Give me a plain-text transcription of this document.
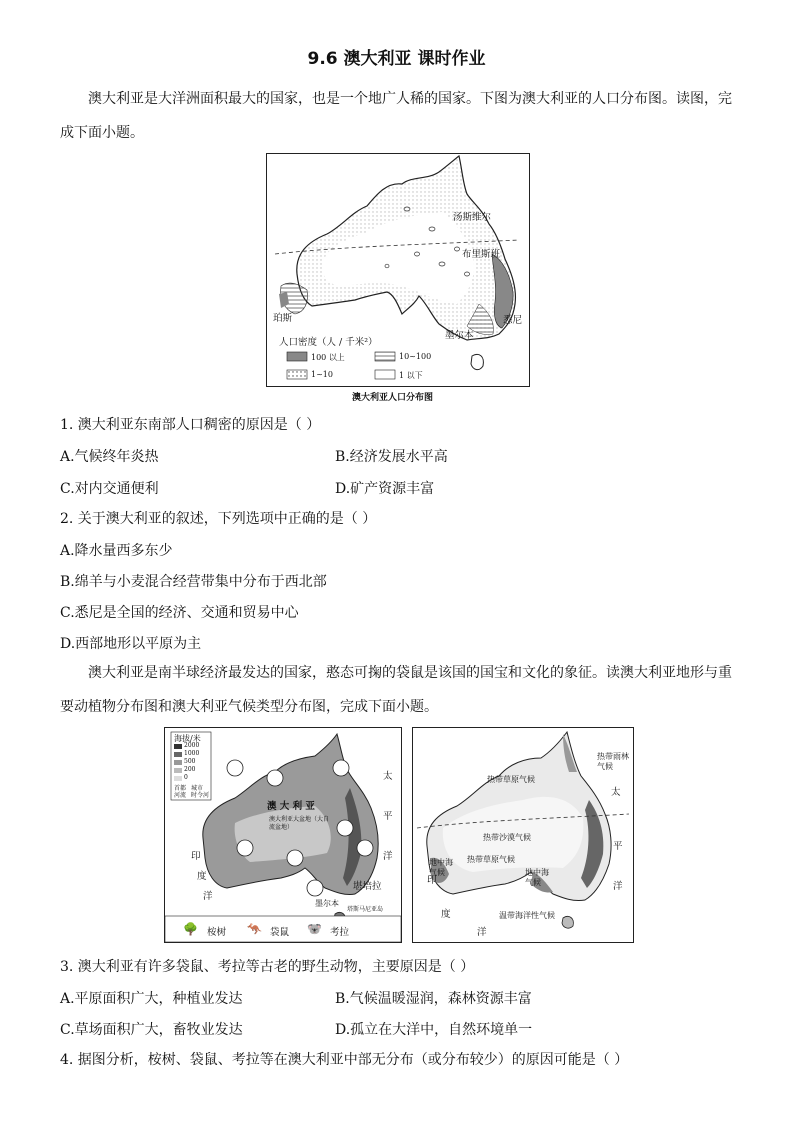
9.6 澳大利亚 课时作业

澳大利亚是大洋洲面积最大的国家，也是一个地广人稀的国家。下图为澳大利亚的人口分布图。读图，完成下面小题。

汤斯维尔
布里斯班
珀斯	悉尼
墨尔本
人口密度（人 / 千米²）
100 以上	10~100
1~10	1 以下
澳大利亚人口分布图
1. 澳大利亚东南部人口稠密的原因是（ ）
A.气候终年炎热	B.经济发展水平高
C.对内交通便利	D.矿产资源丰富
2. 关于澳大利亚的叙述，下列选项中正确的是（ ）
A.降水量西多东少
B.绵羊与小麦混合经营带集中分布于西北部
C.悉尼是全国的经济、交通和贸易中心
D.西部地形以平原为主

澳大利亚是南半球经济最发达的国家，憨态可掬的袋鼠是该国的国宝和文化的象征。读澳大利亚地形与重要动植物分布图和澳大利亚气候类型分布图，完成下面小题。

海拔/米
2000
1000
500
200
0
首都 城市
河流 时令河
澳 大 利 亚
澳大利亚大盆地（大自流盆地）
堪培拉
墨尔本
塔斯马尼亚岛
印
度
洋
太
平
洋
桉树	袋鼠	考拉
🌳	🦘	🐨
热带雨林气候
热带草原气候
热带沙漠气候
热带草原气候
地中海气候	地中海气候
温带海洋性气候
印
度
洋
太
平
洋
3. 澳大利亚有许多袋鼠、考拉等古老的野生动物，主要原因是（ ）
A.平原面积广大，种植业发达	B.气候温暖湿润，森林资源丰富
C.草场面积广大，畜牧业发达	D.孤立在大洋中，自然环境单一
4. 据图分析，桉树、袋鼠、考拉等在澳大利亚中部无分布（或分布较少）的原因可能是（ ）
